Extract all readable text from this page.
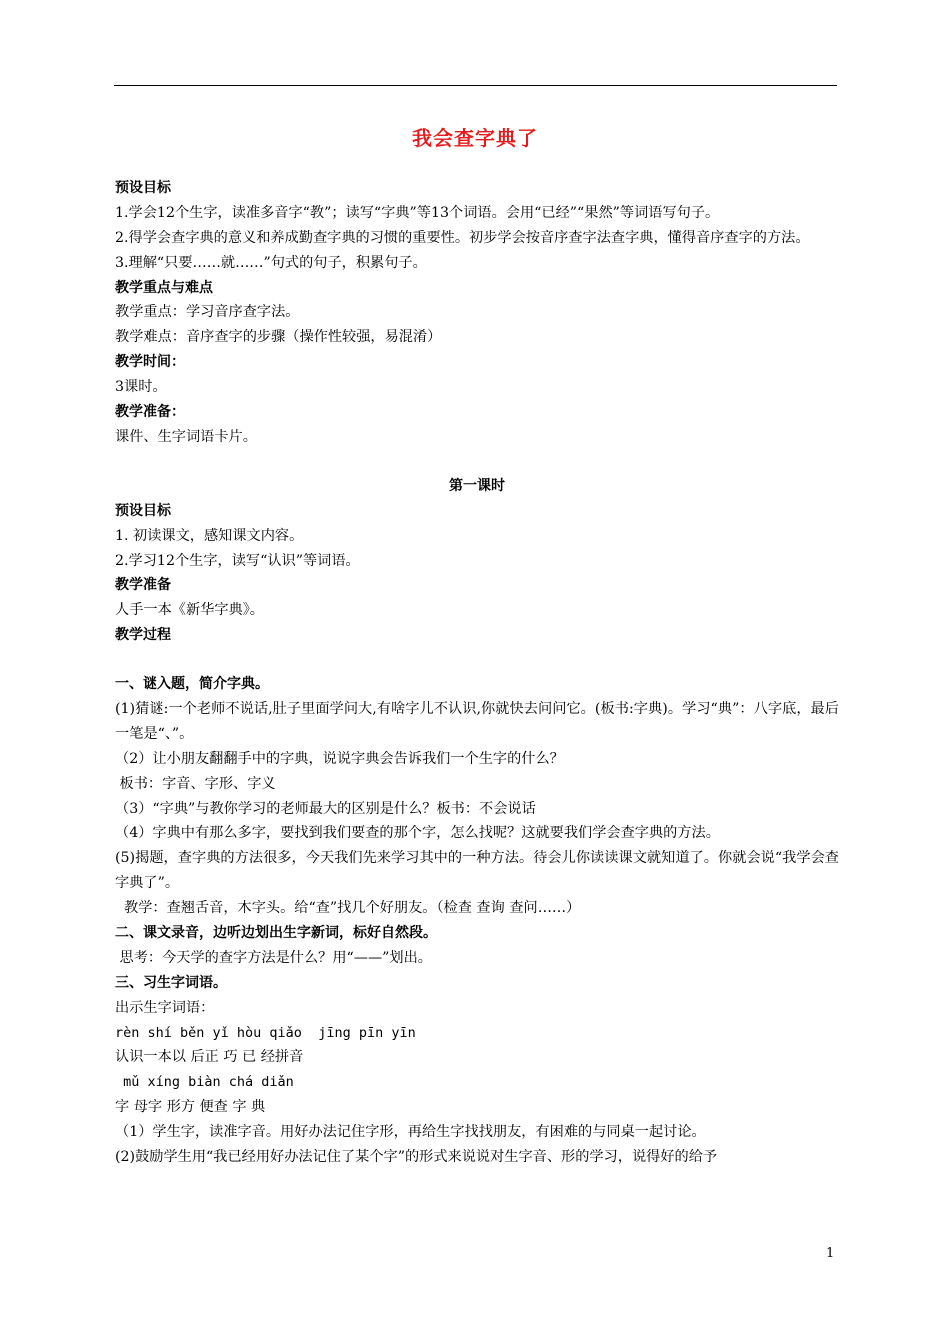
我会查字典了
预设目标
1.学会12个生字，读准多音字“教”；读写“字典”等13个词语。会用“已经”“果然”等词语写句子。
2.得学会查字典的意义和养成勤查字典的习惯的重要性。初步学会按音序查字法查字典，懂得音序查字的方法。
3.理解“只要……就……”句式的句子，积累句子。
教学重点与难点
教学重点：学习音序查字法。
教学难点：音序查字的步骤（操作性较强，易混淆）
教学时间：
3课时。
教学准备：
课件、生字词语卡片。
第一课时
预设目标
1. 初读课文，感知课文内容。
2.学习12个生字，读写“认识”等词语。
教学准备
人手一本《新华字典》。
教学过程
一、谜入题，简介字典。
(1)猜谜:一个老师不说话,肚子里面学问大,有啥字儿不认识,你就快去问问它。(板书:字典)。学习“典”：八字底，最后一笔是“、”。
（2）让小朋友翻翻手中的字典，说说字典会告诉我们一个生字的什么？
板书：字音、字形、字义
（3）“字典”与教你学习的老师最大的区别是什么？板书：不会说话
（4）字典中有那么多字，要找到我们要查的那个字，怎么找呢？这就要我们学会查字典的方法。
(5)揭题，查字典的方法很多，今天我们先来学习其中的一种方法。待会儿你读读课文就知道了。你就会说“我学会查字典了”。
教学：查翘舌音，木字头。给“查”找几个好朋友。（检查 查询 查问……）
二、课文录音，边听边划出生字新词，标好自然段。
思考：今天学的查字方法是什么？用“——”划出。
三、习生字词语。
出示生字词语：
rèn shí běn yǐ hòu qiǎo  jīng pīn yīn
认识一本以 后正 巧 已 经拼音
mǔ xíng biàn chá diǎn
字 母字 形方 便查 字 典
（1）学生字，读准字音。用好办法记住字形，再给生字找找朋友，有困难的与同桌一起讨论。
(2)鼓励学生用“我已经用好办法记住了某个字”的形式来说说对生字音、形的学习，说得好的给予
1
